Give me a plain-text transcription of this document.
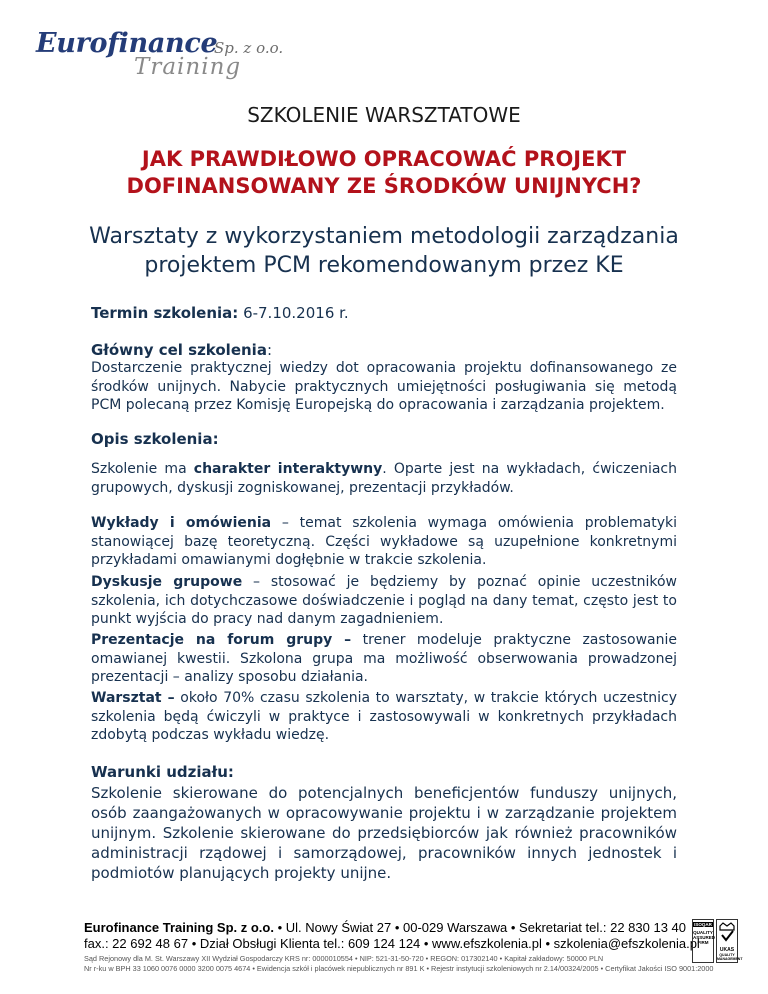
Eurofinance
Sp. z o.o.
Training
SZKOLENIE WARSZTATOWE
JAK PRAWDIŁOWO OPRACOWAĆ PROJEKT
DOFINANSOWANY ZE ŚRODKÓW UNIJNYCH?
Warsztaty z wykorzystaniem metodologii zarządzania
projektem PCM rekomendowanym przez KE
Termin szkolenia: 6-7.10.2016 r.
Główny cel szkolenia:
Dostarczenie praktycznej wiedzy dot opracowania projektu dofinansowanego ze środków unijnych. Nabycie praktycznych umiejętności posługiwania się metodą PCM polecaną przez Komisję Europejską do opracowania i zarządzania projektem.
Opis szkolenia:
Szkolenie ma charakter interaktywny. Oparte jest na wykładach, ćwiczeniach grupowych, dyskusji zogniskowanej, prezentacji przykładów.
Wykłady i omówienia – temat szkolenia wymaga omówienia problematyki stanowiącej bazę teoretyczną. Części wykładowe są uzupełnione konkretnymi przykładami omawianymi dogłębnie w trakcie szkolenia.
Dyskusje grupowe – stosować je będziemy by poznać opinie uczestników szkolenia, ich dotychczasowe doświadczenie i pogląd na dany temat, często jest to punkt wyjścia do pracy nad danym zagadnieniem.
Prezentacje na forum grupy – trener modeluje praktyczne zastosowanie omawianej kwestii. Szkolona grupa ma możliwość obserwowania prowadzonej prezentacji – analizy sposobu działania.
Warsztat – około 70% czasu szkolenia to warsztaty, w trakcie których uczestnicy szkolenia będą ćwiczyli w praktyce i zastosowywali w konkretnych przykładach zdobytą podczas wykładu wiedzę.
Warunki udziału:
Szkolenie skierowane do potencjalnych beneficjentów funduszy unijnych, osób zaangażowanych w opracowywanie projektu i w zarządzanie projektem unijnym. Szkolenie skierowane do przedsiębiorców jak również pracowników administracji rządowej i samorządowej, pracowników innych jednostek i podmiotów planujących projekty unijne.
Eurofinance Training Sp. z o.o. • Ul. Nowy Świat 27 • 00-029 Warszawa • Sekretariat tel.: 22 830 13 40
fax.: 22 692 48 67 • Dział Obsługi Klienta tel.: 609 124 124 • www.efszkolenia.pl • szkolenia@efszkolenia.pl
Sąd Rejonowy dla M. St. Warszawy XII Wydział Gospodarczy KRS nr: 0000010554 • NIP: 521-31-50-720 • REGON: 017302140 • Kapitał zakładowy: 50000 PLN
Nr r-ku w BPH 33 1060 0076 0000 3200 0075 4674 • Ewidencja szkół i placówek niepublicznych nr 891 K • Rejestr instytucji szkoleniowych nr 2.14/00324/2005 • Certyfikat Jakości ISO 9001:2000
ISOQAR
QUALITY
ASSURED
FIRM
UKAS
QUALITY
MANAGEMENT
